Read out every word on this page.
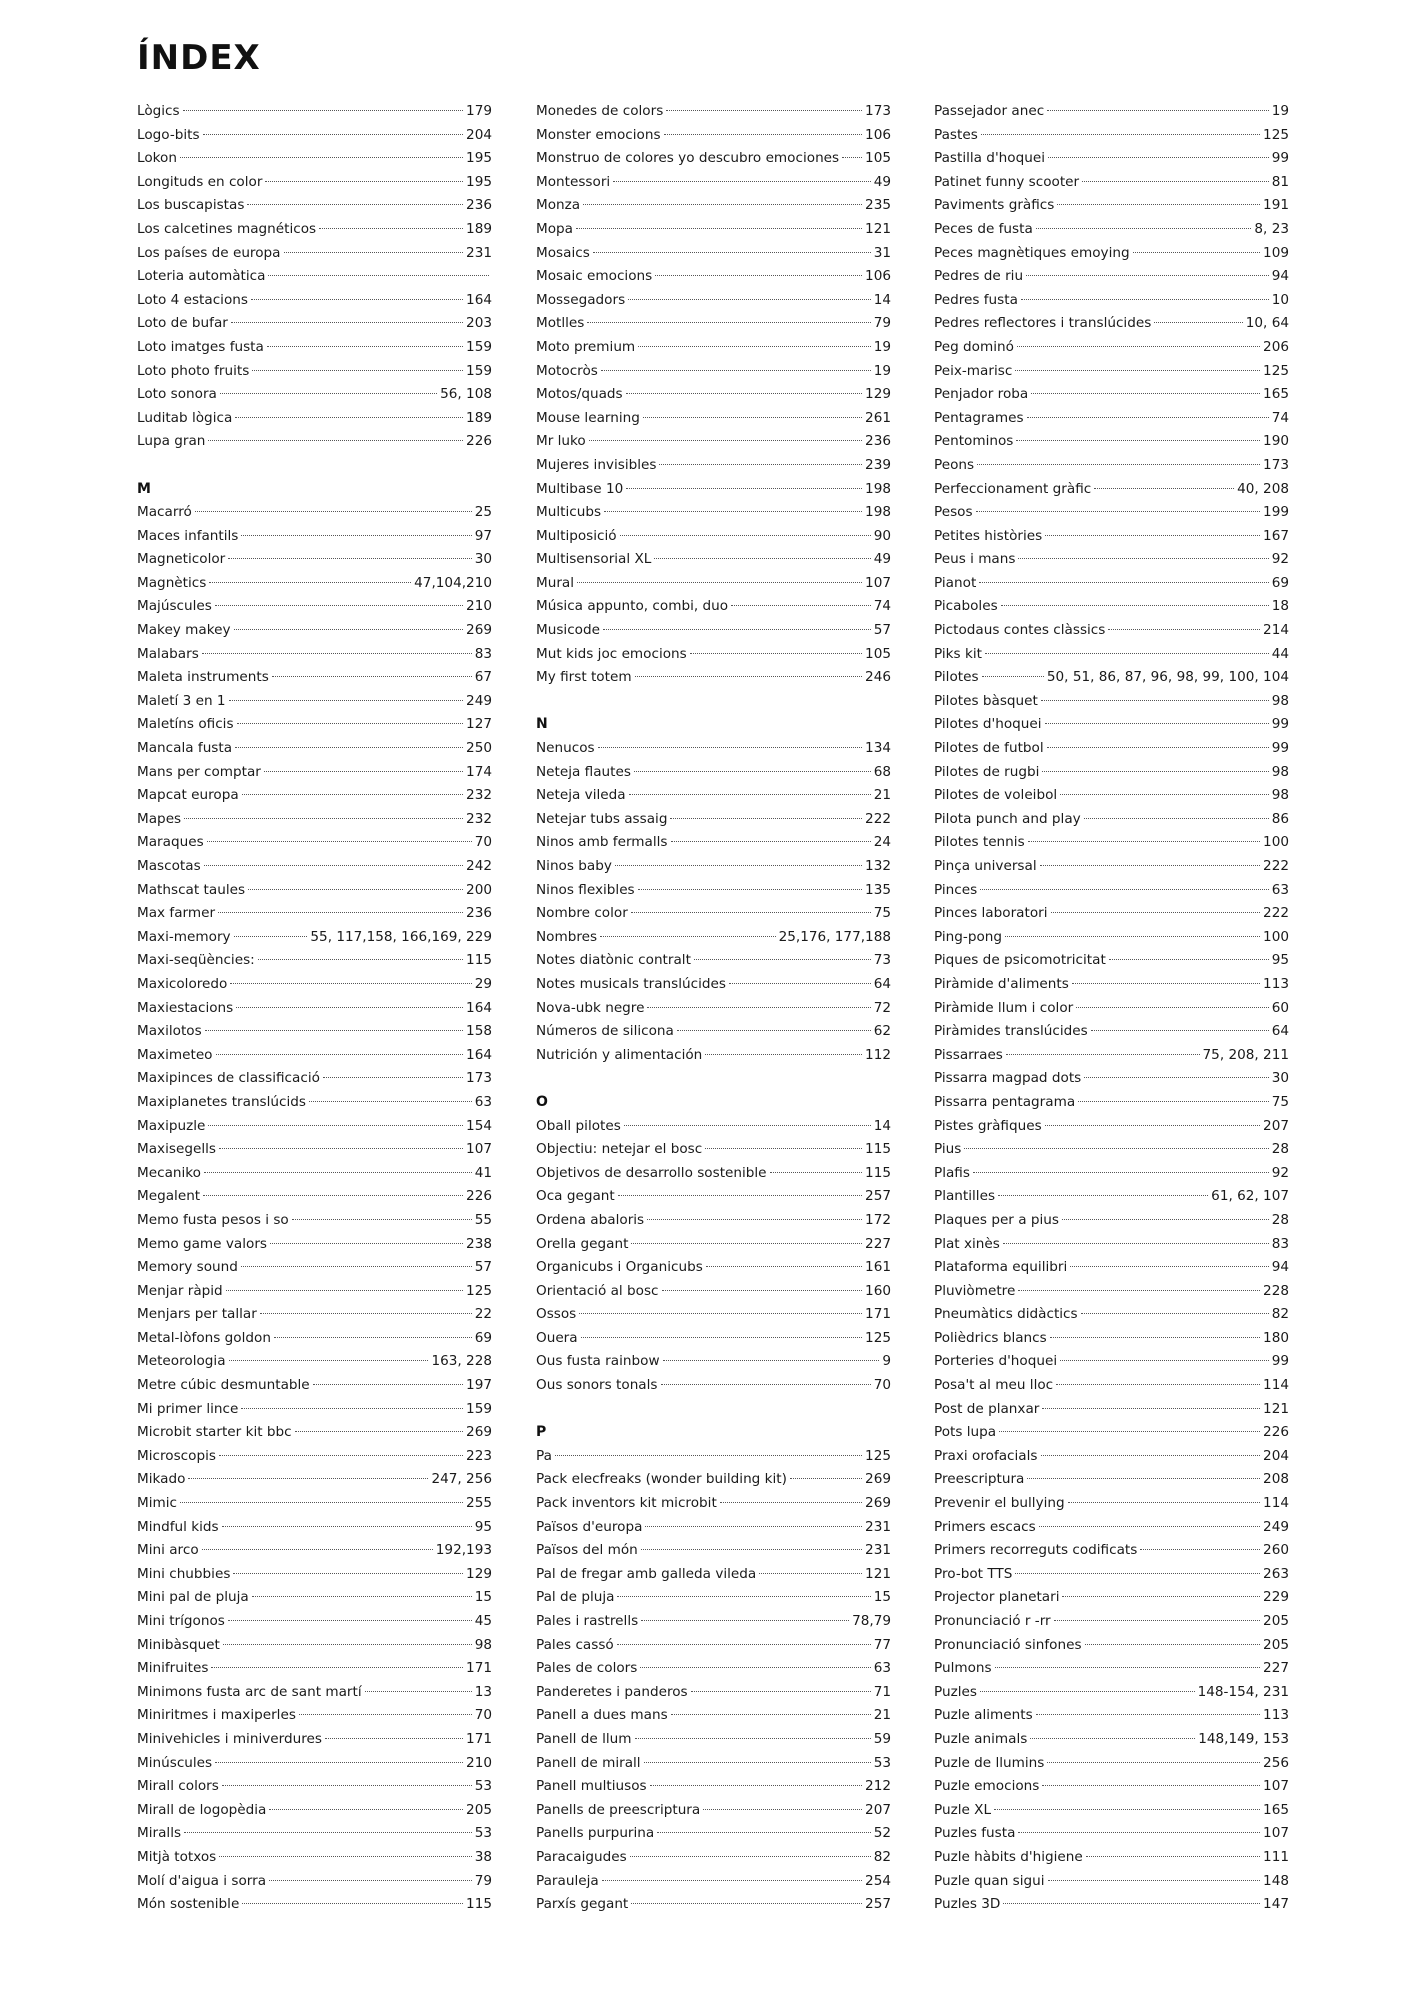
ÍNDEX
Lògics	179
Logo-bits	204
Lokon	195
Longituds en color	195
Los buscapistas	236
Los calcetines magnéticos	189
Los países de europa	231
Loteria automàtica
Loto 4 estacions	164
Loto de bufar	203
Loto imatges fusta	159
Loto photo fruits	159
Loto sonora	56, 108
Luditab lògica	189
Lupa gran	226
M
Macarró	25
Maces infantils	97
Magneticolor	30
Magnètics	47,104,210
Majúscules	210
Makey makey	269
Malabars	83
Maleta instruments	67
Maletí 3 en 1	249
Maletíns oficis	127
Mancala fusta	250
Mans per comptar	174
Mapcat europa	232
Mapes	232
Maraques	70
Mascotas	242
Mathscat taules	200
Max farmer	236
Maxi-memory	55, 117,158, 166,169, 229
Maxi-seqüències:	115
Maxicoloredo	29
Maxiestacions	164
Maxilotos	158
Maximeteo	164
Maxipinces de classificació	173
Maxiplanetes translúcids	63
Maxipuzle	154
Maxisegells	107
Mecaniko	41
Megalent	226
Memo fusta pesos i so	55
Memo game valors	238
Memory sound	57
Menjar ràpid	125
Menjars per tallar	22
Metal-lòfons goldon	69
Meteorologia	163, 228
Metre cúbic desmuntable	197
Mi primer lince	159
Microbit starter kit bbc	269
Microscopis	223
Mikado	247, 256
Mimic	255
Mindful kids	95
Mini arco	192,193
Mini chubbies	129
Mini pal de pluja	15
Mini trígonos	45
Minibàsquet	98
Minifruites	171
Minimons fusta arc de sant martí	13
Miniritmes i maxiperles	70
Minivehicles i miniverdures	171
Minúscules	210
Mirall colors	53
Mirall de logopèdia	205
Miralls	53
Mitjà totxos	38
Molí d'aigua i sorra	79
Món sostenible	115
Monedes de colors	173
Monster emocions	106
Monstruo de colores yo descubro emociones 105
Montessori	49
Monza	235
Mopa	121
Mosaics	31
Mosaic emocions	106
Mossegadors	14
Motlles	79
Moto premium	19
Motocròs	19
Motos/quads	129
Mouse learning	261
Mr luko	236
Mujeres invisibles	239
Multibase 10	198
Multicubs	198
Multiposició	90
Multisensorial XL	49
Mural	107
Música appunto, combi, duo	74
Musicode	57
Mut kids joc emocions	105
My first totem	246
N
Nenucos	134
Neteja flautes	68
Neteja vileda	21
Netejar tubs assaig	222
Ninos amb fermalls	24
Ninos baby	132
Ninos flexibles	135
Nombre color	75
Nombres	25,176, 177,188
Notes diatònic contralt	73
Notes musicals translúcides	64
Nova-ubk negre	72
Números de silicona	62
Nutrición y alimentación	112
O
Oball pilotes	14
Objectiu: netejar el bosc	115
Objetivos de desarrollo sostenible	115
Oca gegant	257
Ordena abaloris	172
Orella gegant	227
Organicubs i Organicubs	161
Orientació al bosc	160
Ossos	171
Ouera	125
Ous fusta rainbow	9
Ous sonors tonals	70
P
Pa	125
Pack elecfreaks (wonder building kit)	269
Pack inventors kit microbit	269
Països d'europa	231
Països del món	231
Pal de fregar amb galleda vileda	121
Pal de pluja	15
Pales i rastrells	78,79
Pales cassó	77
Pales de colors	63
Panderetes i panderos	71
Panell a dues mans	21
Panell de llum	59
Panell de mirall	53
Panell multiusos	212
Panells de preescriptura	207
Panells purpurina	52
Paracaigudes	82
Parauleja	254
Parxís gegant	257
Passejador anec	19
Pastes	125
Pastilla d'hoquei	99
Patinet funny scooter	81
Paviments gràfics	191
Peces de fusta	8, 23
Peces magnètiques emoying	109
Pedres de riu	94
Pedres fusta	10
Pedres reflectores i translúcides	10, 64
Peg dominó	206
Peix-marisc	125
Penjador roba	165
Pentagrames	74
Pentominos	190
Peons	173
Perfeccionament gràfic	40, 208
Pesos	199
Petites històries	167
Peus i mans	92
Pianot	69
Picaboles	18
Pictodaus contes clàssics	214
Piks kit	44
Pilotes	50, 51, 86, 87, 96, 98, 99, 100, 104
Pilotes bàsquet	98
Pilotes d'hoquei	99
Pilotes de futbol	99
Pilotes de rugbi	98
Pilotes de voleibol	98
Pilota punch and play	86
Pilotes tennis	100
Pinça universal	222
Pinces	63
Pinces laboratori	222
Ping-pong	100
Piques de psicomotricitat	95
Piràmide d'aliments	113
Piràmide llum i color	60
Piràmides translúcides	64
Pissarraes	75, 208, 211
Pissarra magpad dots	30
Pissarra pentagrama	75
Pistes gràfiques	207
Pius	28
Plafis	92
Plantilles	61, 62, 107
Plaques per a pius	28
Plat xinès	83
Plataforma equilibri	94
Pluviòmetre	228
Pneumàtics didàctics	82
Polièdrics blancs	180
Porteries d'hoquei	99
Posa't al meu lloc	114
Post de planxar	121
Pots lupa	226
Praxi orofacials	204
Preescriptura	208
Prevenir el bullying	114
Primers escacs	249
Primers recorreguts codificats	260
Pro-bot TTS	263
Projector planetari	229
Pronunciació r -rr	205
Pronunciació sinfones	205
Pulmons	227
Puzles	148-154, 231
Puzle aliments	113
Puzle animals	148,149, 153
Puzle de llumins	256
Puzle emocions	107
Puzle XL	165
Puzles fusta	107
Puzle hàbits d'higiene	111
Puzle quan sigui	148
Puzles 3D	147
